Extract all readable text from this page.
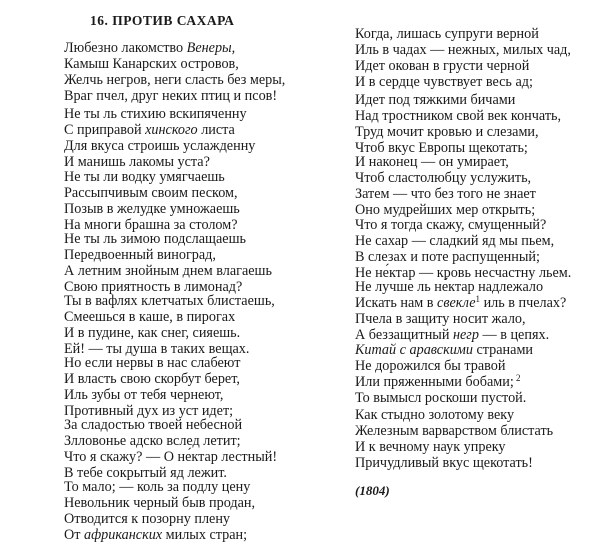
16. ПРОТИВ САХАРА
Любезно лакомство Венеры,
Камыш Канарских островов,
Желчь негров, неги сласть без меры,
Враг пчел, друг неких птиц и псов!
Не ты ль стихию вскипяченну
С приправой хинского листа
Для вкуса строишь услажденну
И манишь лакомы уста?
Не ты ли водку умягчаешь
Рассыпчивым своим песком,
Позыв в желудке умножаешь
На многи брашна за столом?
Не ты ль зимою подслащаешь
Передвоенный виноград,
А летним знойным днем влагаешь
Свою приятность в лимонад?
Ты в вафлях клетчатых блистаешь,
Смеешься в каше, в пирогах
И в пудине, как снег, сияешь.
Ей! — ты душа в таких вещах.
Но если нервы в нас слабеют
И власть свою скорбут берет,
Иль зубы от тебя чернеют,
Противный дух из уст идет;
За сладостью твоей небесной
Злловонье адско вслед летит;
Что я скажу? — О не́ктар лестный!
В тебе сокрытый яд лежит.
То мало; — коль за подлу цену
Невольник черный быв продан,
Отводится к позорну плену
От африканских милых стран;
Когда, лишась супруги верной
Иль в чадах — нежных, милых чад,
Идет окован в грусти черной
И в сердце чувствует весь ад;
Идет под тяжкими бичами
Над тростником свой век кончать,
Труд мочит кровью и слезами,
Чтоб вкус Европы щекотать;
И наконец — он умирает,
Чтоб сластолюбцу услужить,
Затем — что без того не знает
Оно мудрейших мер открыть;
Что я тогда скажу, смущенный?
Не сахар — сладкий яд мы пьем,
В слезах и поте распущенный;
Не не́ктар — кровь несчастну льем.
Не лучше ль не́ктар надлежало
Искать нам в свекле$^1$ иль в пчелах?
Пчела в защиту носит жало,
А беззащитный негр — в цепях.
Китай с аравскими странами
Не дорожился бы травой
Или пряженными бобами; $^2$
То вымысл роскоши пустой.
Как стыдно золотому веку
Железным варварством блистать
И к вечному наук упреку
Причудливый вкус щекотать!
(1804)
